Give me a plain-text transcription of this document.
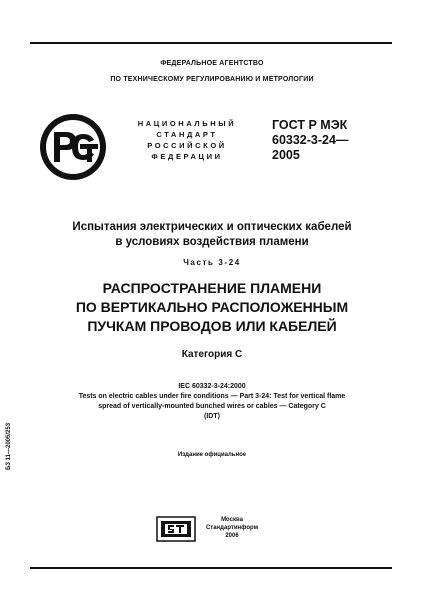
ФЕДЕРАЛЬНОЕ АГЕНТСТВО
ПО ТЕХНИЧЕСКОМУ РЕГУЛИРОВАНИЮ И МЕТРОЛОГИИ
НАЦИОНАЛЬНЫЙ
СТАНДАРТ
РОССИЙСКОЙ
ФЕДЕРАЦИИ
ГОСТ Р МЭК
60332-3-24—
2005
Испытания электрических и оптических кабелей
в условиях воздействия пламени
Часть 3-24
РАСПРОСТРАНЕНИЕ ПЛАМЕНИ
ПО ВЕРТИКАЛЬНО РАСПОЛОЖЕННЫМ
ПУЧКАМ ПРОВОДОВ ИЛИ КАБЕЛЕЙ
Категория С
IEC 60332-3-24:2000
Tests on electric cables under fire conditions — Part 3-24: Test for vertical flame
spread of vertically-mounted bunched wires or cables — Category C
(IDT)
Издание официальное
БЗ 11—2005/253
Москва
Стандартинформ
2006
